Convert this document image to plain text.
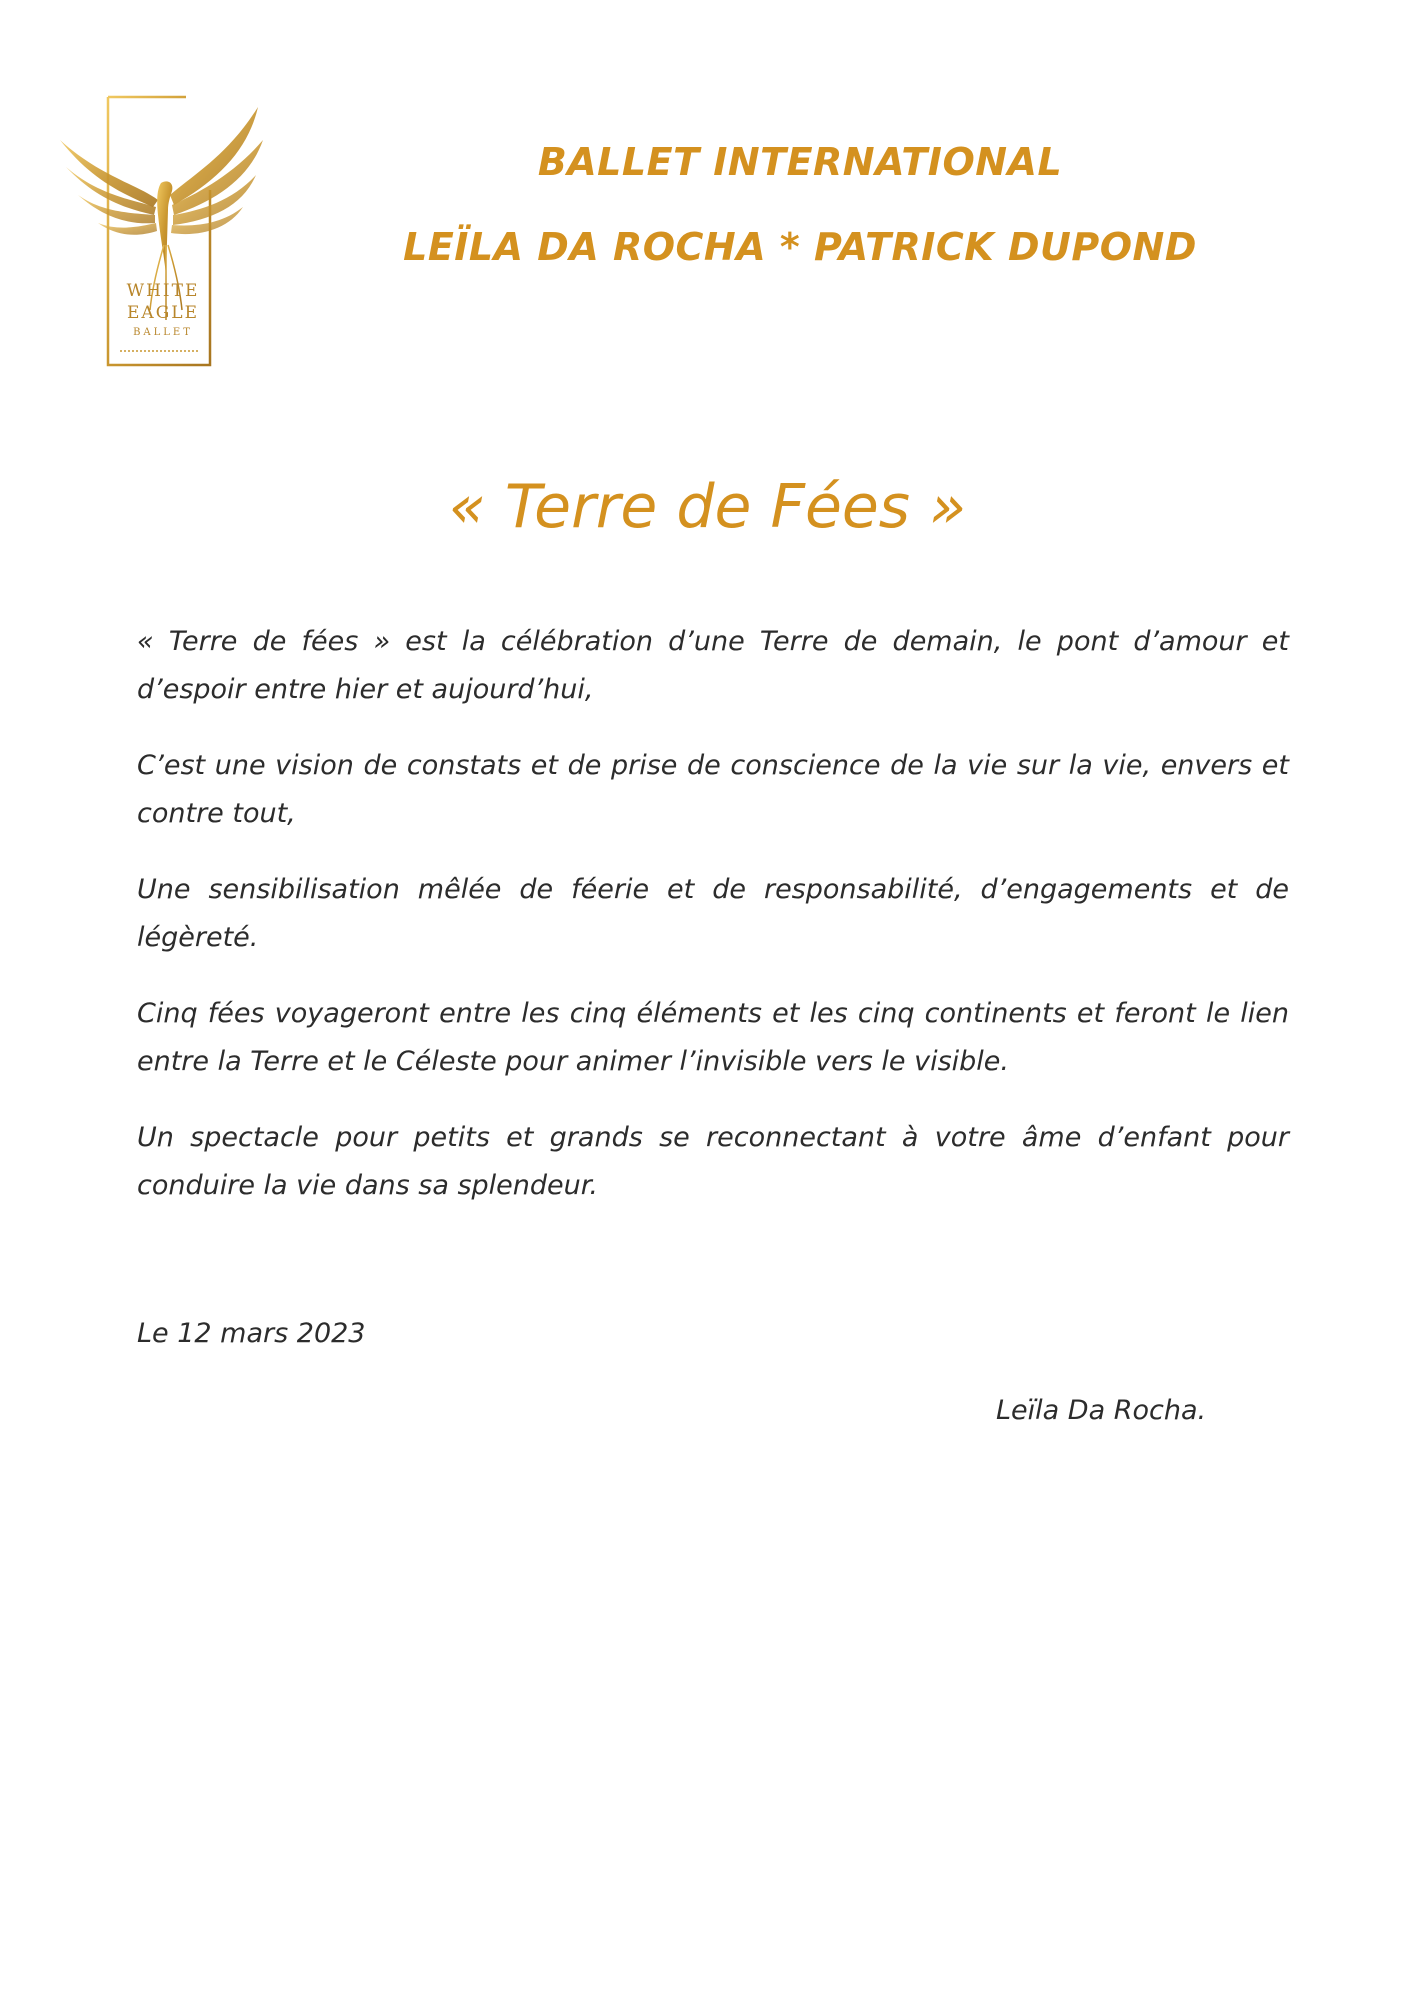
WHITE
EAGLE
BALLET
BALLET INTERNATIONAL
LEÏLA DA ROCHA * PATRICK DUPOND
« Terre de Fées »

« Terre de fées » est la célébration d’une Terre de demain, le pont d’amour et d’espoir entre hier et aujourd’hui,

C’est une vision de constats et de prise de conscience de la vie sur la vie, envers et contre tout,

Une sensibilisation mêlée de féerie et de responsabilité, d’engagements et de légèreté.

Cinq fées voyageront entre les cinq éléments et les cinq continents et feront le lien entre la Terre et le Céleste pour animer l’invisible vers le visible.

Un spectacle pour petits et grands se reconnectant à votre âme d’enfant pour conduire la vie dans sa splendeur.

Le 12 mars 2023
Leïla Da Rocha.
